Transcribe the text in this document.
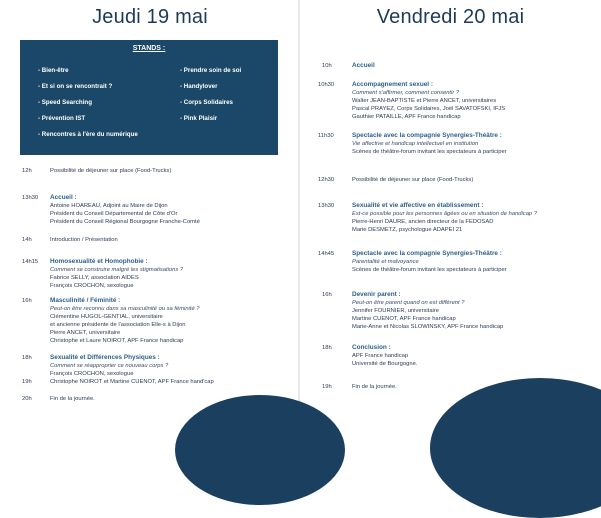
Jeudi 19 mai
STANDS :
- Bien-être
- Et si on se rencontrait ?
- Speed Searching
- Prévention IST
- Rencontres à l'ère du numérique
- Prendre soin de soi
- Handylover
- Corps Solidaires
- Pink Plaisir
12h	Possibilité de déjeuner sur place (Food-Trucks)
13h30 Accueil :
Antoine HOAREAU, Adjoint au Maire de Dijon
Président du Conseil Départemental de Côte d'Or
Président du Conseil Régional Bourgogne Franche-Comté
14h	Introduction / Présentation
14h15 Homosexualité et Homophobie :
Comment se construire malgré les stigmatisations ?
Fabrice SELLY, association AIDES
François CROCHON, sexologue
16h	Masculinité / Féminité :
Peut-on être reconnu dans sa masculinité ou sa féminité ?
Clémentine HUGOL-GENTIAL, universitaire
et ancienne présidente de l'association Elle-s à Dijon
Pierre ANCET, universitaire
Christophe et Laure NOIROT, APF France handicap
18h	Sexualité et Différences Physiques :
Comment se réapproprier ce nouveau corps ?
François CROCHON, sexologue
19h	Christophe NOIROT et Martine CUENOT, APF France hand'cap
20h	Fin de la journée.
Vendredi 20 mai
10h	Accueil
10h30	Accompagnement sexuel :
Comment s'affirmer, comment consentir ?
Walter JEAN-BAPTISTE et Pierre ANCET, universitaires
Pascal PRAYEZ, Corps Solidaires, Joël SAVATOFSKI, IFJS
Gauthier PATAILLE, APF France handicap
11h30	Spectacle avec la compagnie Synergies-Théâtre :
Vie affective et handicap intellectuel en institution
Scènes de théâtre-forum invitant les spectateurs à participer
12h30	Possibilité de déjeuner sur place (Food-Trucks)
13h30	Sexualité et vie affective en établissement :
Est-ce possible pour les personnes âgées ou en situation de handicap ?
Pierre-Henri DAURE, ancien directeur de la FEDOSAD
Marie DESMETZ, psychologue ADAPEI 21
14h45	Spectacle avec la compagnie Synergies-Théâtre :
Parentalité et malvoyance
Scènes de théâtre-forum invitant les spectateurs à participer
16h	Devenir parent :
Peut-on être parent quand on est différent ?
Jennifer FOURNIER, universitaire
Martine CUENOT, APF France handicap
Marie-Anne et Nicolas SLOWINSKY, APF France handicap
18h	Conclusion :
APF France handicap
Université de Bourgogne.
19h	Fin de la journée.
